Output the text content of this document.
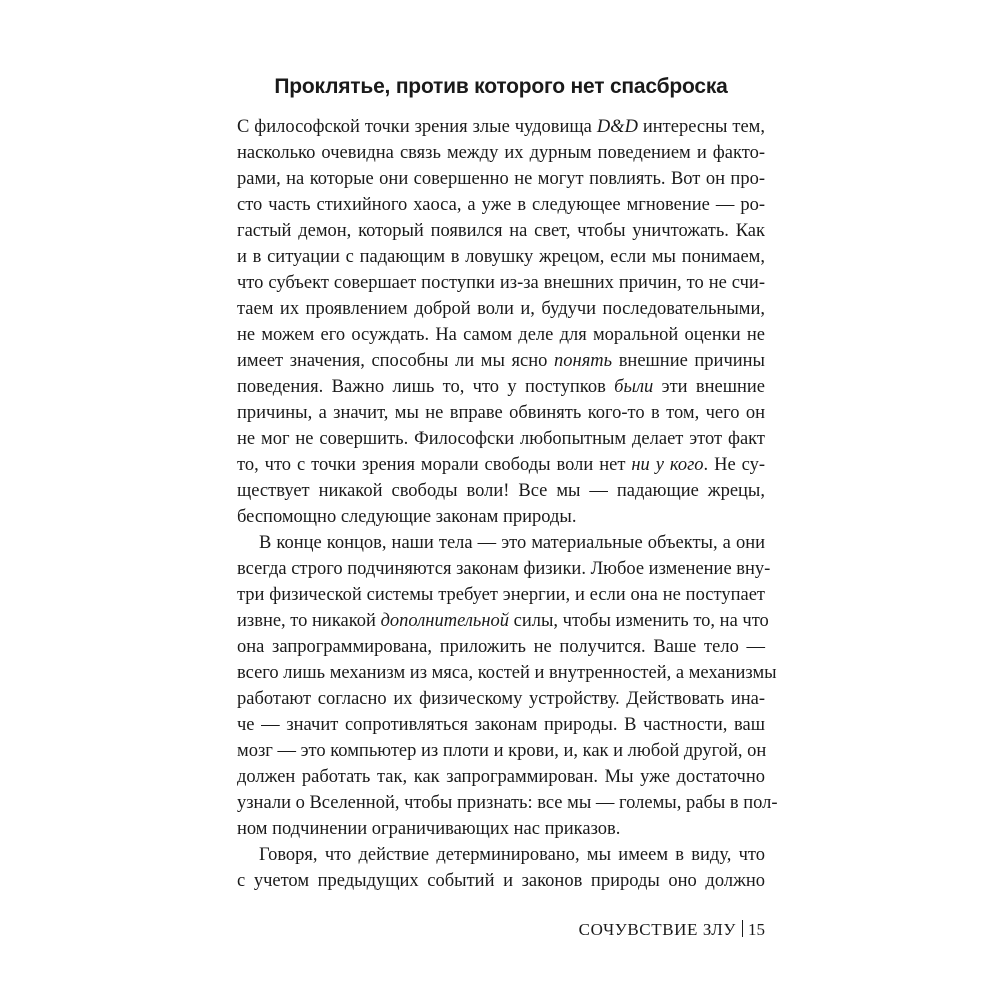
Проклятье, против которого нет спасброска
С философской точки зрения злые чудовища D&D интересны тем,
насколько очевидна связь между их дурным поведением и факто-
рами, на которые они совершенно не могут повлиять. Вот он про-
сто часть стихийного хаоса, а уже в следующее мгновение — ро-
гастый демон, который появился на свет, чтобы уничтожать. Как
и в ситуации с падающим в ловушку жрецом, если мы понимаем,
что субъект совершает поступки из-за внешних причин, то не счи-
таем их проявлением доброй воли и, будучи последовательными,
не можем его осуждать. На самом деле для моральной оценки не
имеет значения, способны ли мы ясно понять внешние причины
поведения. Важно лишь то, что у поступков были эти внешние
причины, а значит, мы не вправе обвинять кого-то в том, чего он
не мог не совершить. Философски любопытным делает этот факт
то, что с точки зрения морали свободы воли нет ни у кого. Не су-
ществует никакой свободы воли! Все мы — падающие жрецы,
беспомощно следующие законам природы.
В конце концов, наши тела — это материальные объекты, а они
всегда строго подчиняются законам физики. Любое изменение вну-
три физической системы требует энергии, и если она не поступает
извне, то никакой дополнительной силы, чтобы изменить то, на что
она запрограммирована, приложить не получится. Ваше тело —
всего лишь механизм из мяса, костей и внутренностей, а механизмы
работают согласно их физическому устройству. Действовать ина-
че — значит сопротивляться законам природы. В частности, ваш
мозг — это компьютер из плоти и крови, и, как и любой другой, он
должен работать так, как запрограммирован. Мы уже достаточно
узнали о Вселенной, чтобы признать: все мы — големы, рабы в пол-
ном подчинении ограничивающих нас приказов.
Говоря, что действие детерминировано, мы имеем в виду, что
с учетом предыдущих событий и законов природы оно должно
СОЧУВСТВИЕ ЗЛУ 15
